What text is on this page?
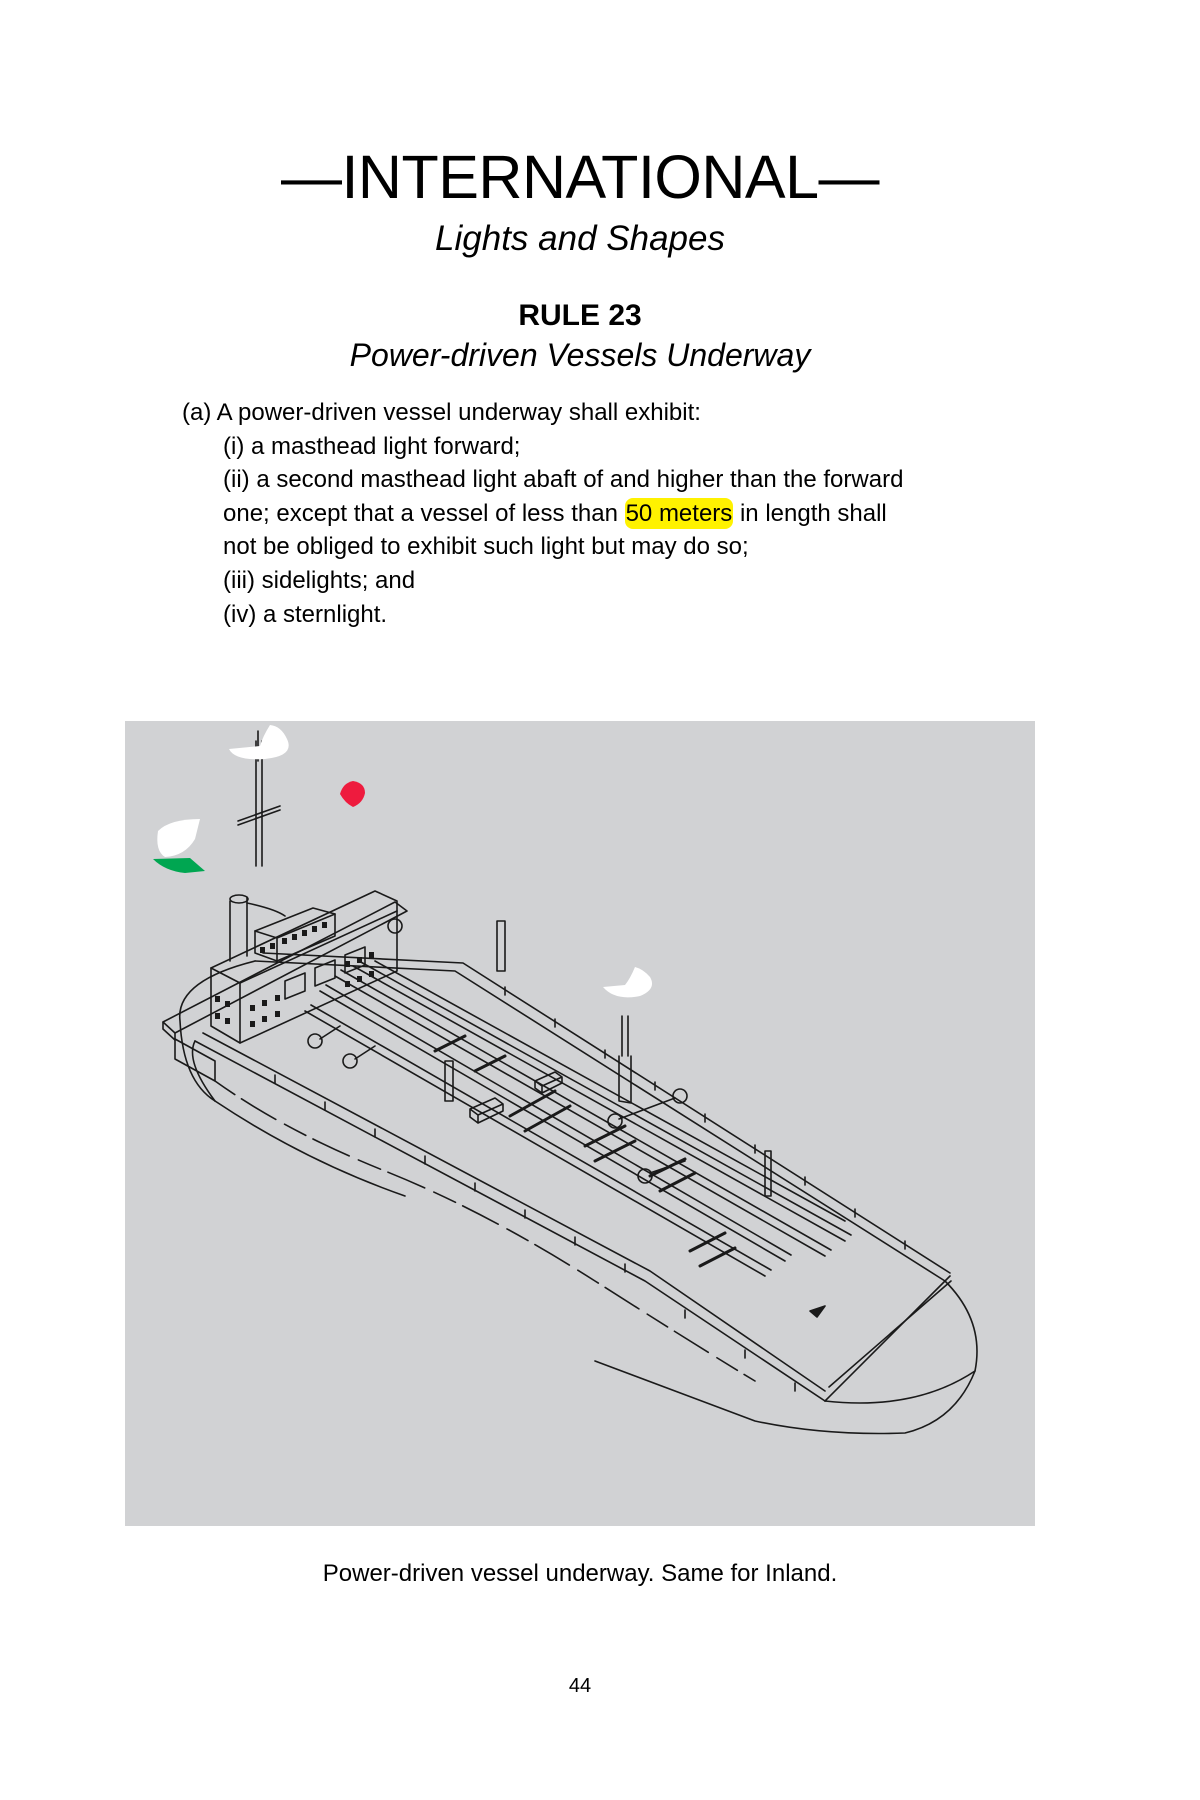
—INTERNATIONAL—
Lights and Shapes
RULE 23
Power-driven Vessels Underway
(a) A power-driven vessel underway shall exhibit:
(i) a masthead light forward;
(ii) a second masthead light abaft of and higher than the forward
one; except that a vessel of less than 50 meters in length shall
not be obliged to exhibit such light but may do so;
(iii) sidelights; and
(iv) a sternlight.
Power-driven vessel underway. Same for Inland.
44
